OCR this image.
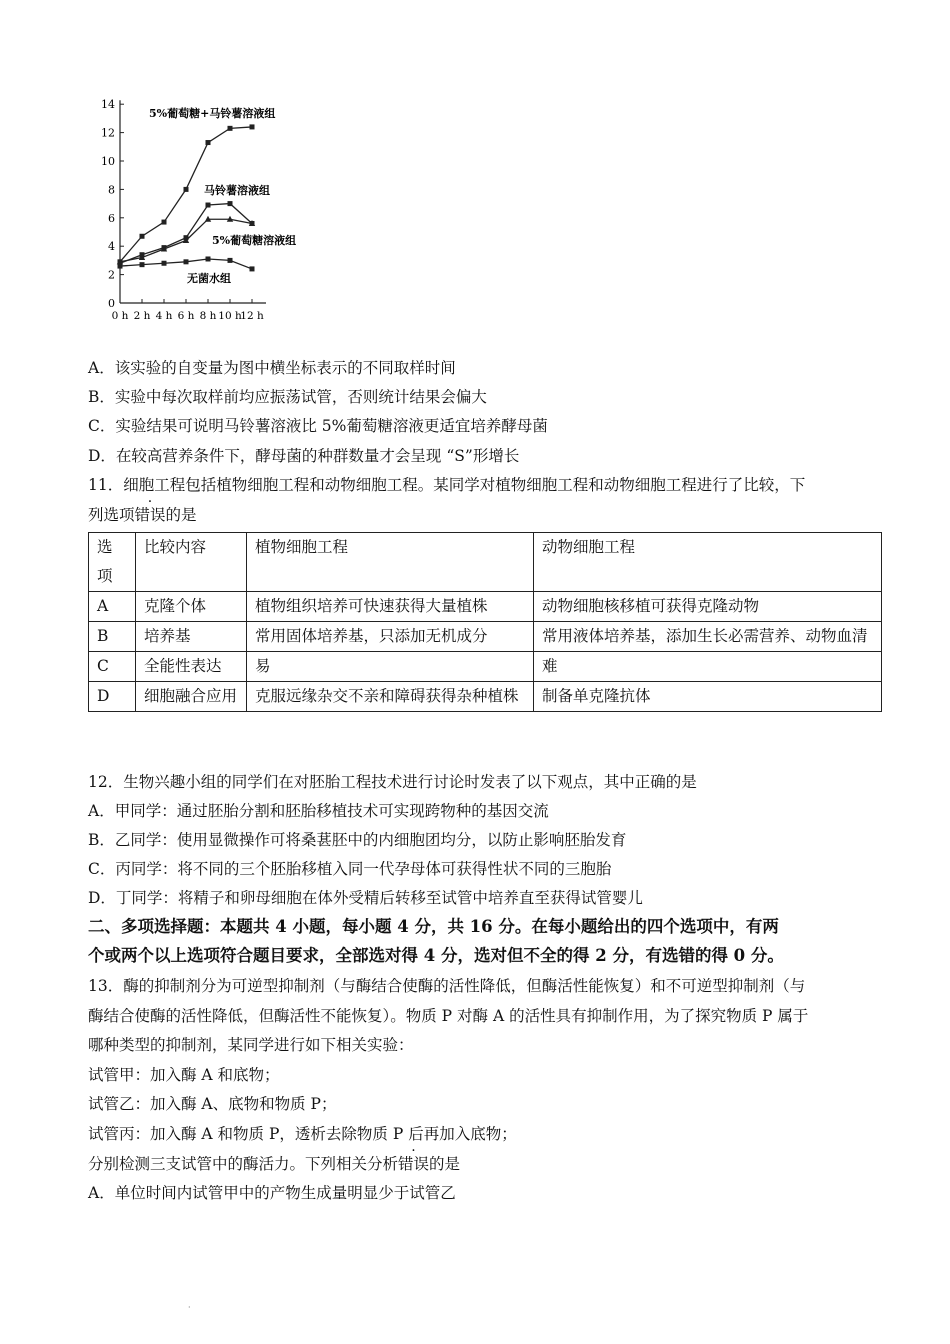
0
2
4
6
8
10
12
14
0 h 2 h 4 h 6 h 8 h 10 h
12 h
5%葡萄糖+马铃薯溶液组
马铃薯溶液组
5%葡萄糖溶液组
无菌水组
A．该实验的自变量为图中横坐标表示的不同取样时间
B．实验中每次取样前均应振荡试管，否则统计结果会偏大
C．实验结果可说明马铃薯溶液比 5%葡萄糖溶液更适宜培养酵母菌
D．在较高营养条件下，酵母菌的种群数量才会呈现 “S”形增长
11．细胞工程包括植物细胞工程和动物细胞工程。某同学对植物细胞工程和动物细胞工程进行了比较，下
列选项错误的是
选项	比较内容	植物细胞工程	动物细胞工程
A	克隆个体	植物组织培养可快速获得大量植株	动物细胞核移植可获得克隆动物
B	培养基	常用固体培养基，只添加无机成分	常用液体培养基，添加生长必需营养、动物血清
C	全能性表达	易	难
D	细胞融合应用	克服远缘杂交不亲和障碍获得杂种植株	制备单克隆抗体
12．生物兴趣小组的同学们在对胚胎工程技术进行讨论时发表了以下观点，其中正确的是
A．甲同学：通过胚胎分割和胚胎移植技术可实现跨物种的基因交流
B．乙同学：使用显微操作可将桑葚胚中的内细胞团均分，以防止影响胚胎发育
C．丙同学：将不同的三个胚胎移植入同一代孕母体可获得性状不同的三胞胎
D．丁同学：将精子和卵母细胞在体外受精后转移至试管中培养直至获得试管婴儿
二、多项选择题：本题共 4 小题，每小题 4 分，共 16 分。在每小题给出的四个选项中，有两
个或两个以上选项符合题目要求，全部选对得 4 分，选对但不全的得 2 分，有选错的得 0 分。
13．酶的抑制剂分为可逆型抑制剂（与酶结合使酶的活性降低，但酶活性能恢复）和不可逆型抑制剂（与
酶结合使酶的活性降低，但酶活性不能恢复）。物质 P 对酶 A 的活性具有抑制作用，为了探究物质 P 属于
哪种类型的抑制剂，某同学进行如下相关实验：
试管甲：加入酶 A 和底物；
试管乙：加入酶 A、底物和物质 P；
试管丙：加入酶 A 和物质 P，透析去除物质 P 后再加入底物；
分别检测三支试管中的酶活力。下列相关分析错误的是
A．单位时间内试管甲中的产物生成量明显少于试管乙
·
